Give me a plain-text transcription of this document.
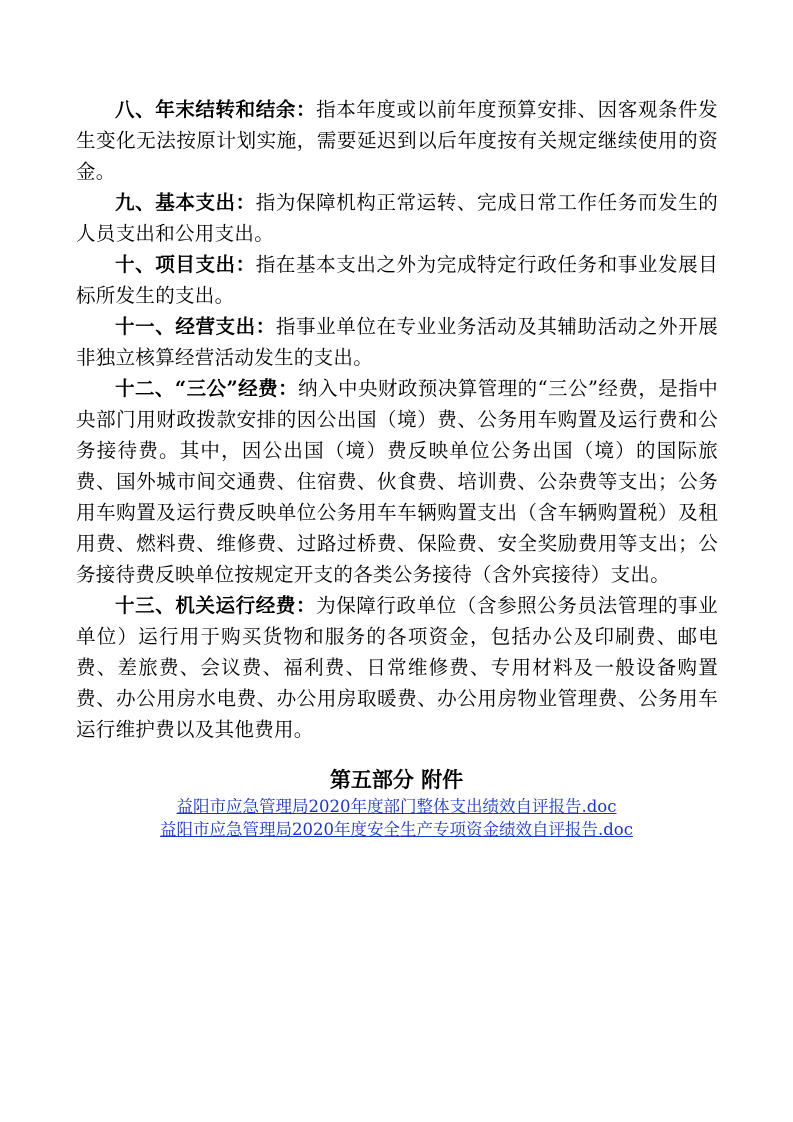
八、年末结转和结余：指本年度或以前年度预算安排、因客观条件发生变化无法按原计划实施，需要延迟到以后年度按有关规定继续使用的资金。

九、基本支出：指为保障机构正常运转、完成日常工作任务而发生的人员支出和公用支出。

十、项目支出：指在基本支出之外为完成特定行政任务和事业发展目标所发生的支出。

十一、经营支出：指事业单位在专业业务活动及其辅助活动之外开展非独立核算经营活动发生的支出。

十二、“三公”经费：纳入中央财政预决算管理的“三公”经费，是指中央部门用财政拨款安排的因公出国（境）费、公务用车购置及运行费和公务接待费。其中，因公出国（境）费反映单位公务出国（境）的国际旅费、国外城市间交通费、住宿费、伙食费、培训费、公杂费等支出；公务用车购置及运行费反映单位公务用车车辆购置支出（含车辆购置税）及租用费、燃料费、维修费、过路过桥费、保险费、安全奖励费用等支出；公务接待费反映单位按规定开支的各类公务接待（含外宾接待）支出。

十三、机关运行经费：为保障行政单位（含参照公务员法管理的事业单位）运行用于购买货物和服务的各项资金，包括办公及印刷费、邮电费、差旅费、会议费、福利费、日常维修费、专用材料及一般设备购置费、办公用房水电费、办公用房取暖费、办公用房物业管理费、公务用车运行维护费以及其他费用。

第五部分 附件

益阳市应急管理局2020年度部门整体支出绩效自评报告.doc
益阳市应急管理局2020年度安全生产专项资金绩效自评报告.doc
